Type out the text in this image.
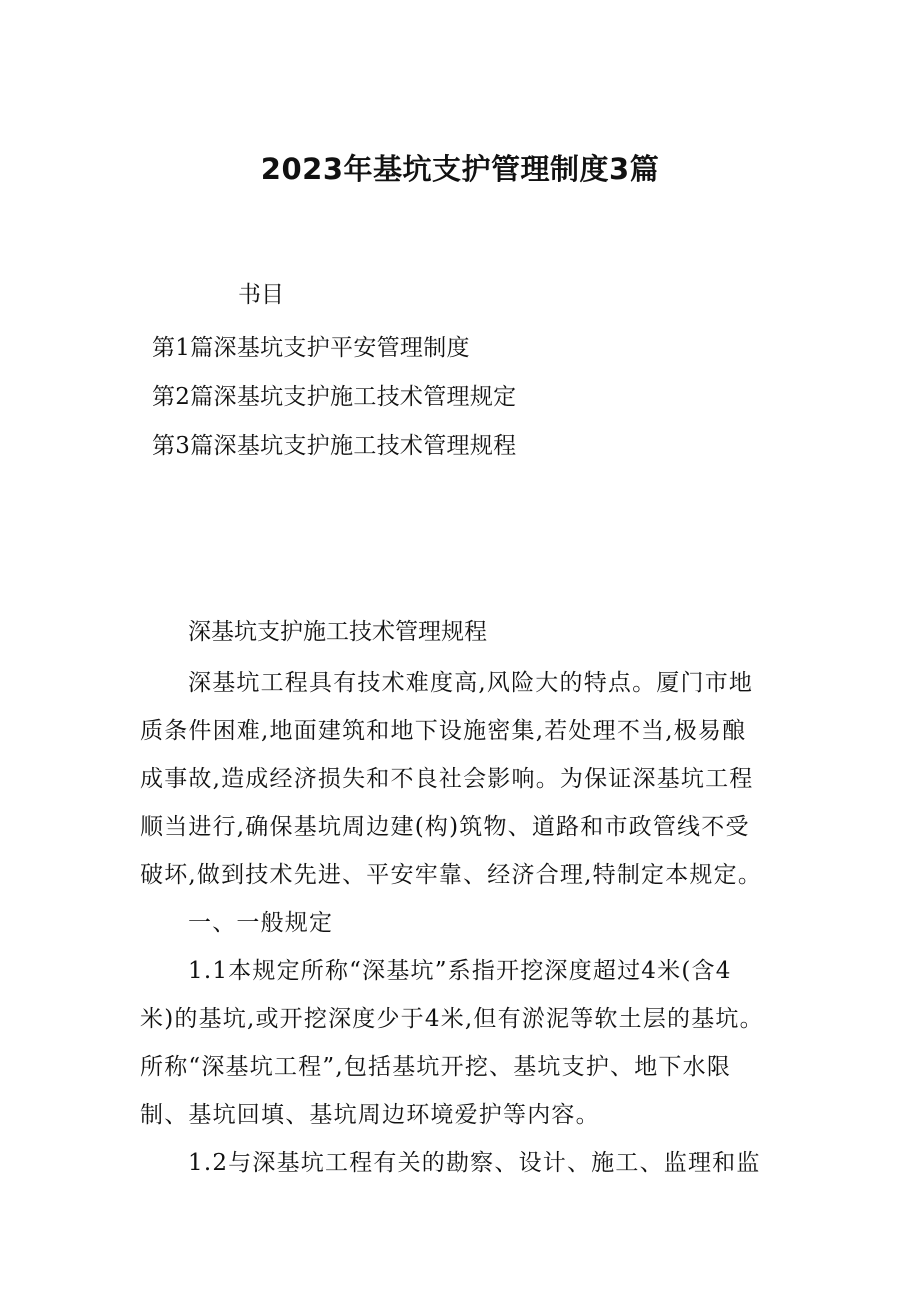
2023年基坑支护管理制度3篇
书目
第1篇深基坑支护平安管理制度
第2篇深基坑支护施工技术管理规定
第3篇深基坑支护施工技术管理规程
深基坑支护施工技术管理规程
深基坑工程具有技术难度高,风险大的特点。厦门市地
质条件困难,地面建筑和地下设施密集,若处理不当,极易酿
成事故,造成经济损失和不良社会影响。为保证深基坑工程
顺当进行,确保基坑周边建(构)筑物、道路和市政管线不受
破坏,做到技术先进、平安牢靠、经济合理,特制定本规定。
一、一般规定
1.1本规定所称“深基坑”系指开挖深度超过4米(含4
米)的基坑,或开挖深度少于4米,但有淤泥等软土层的基坑。
所称“深基坑工程”,包括基坑开挖、基坑支护、地下水限
制、基坑回填、基坑周边环境爱护等内容。
1.2与深基坑工程有关的勘察、设计、施工、监理和监
